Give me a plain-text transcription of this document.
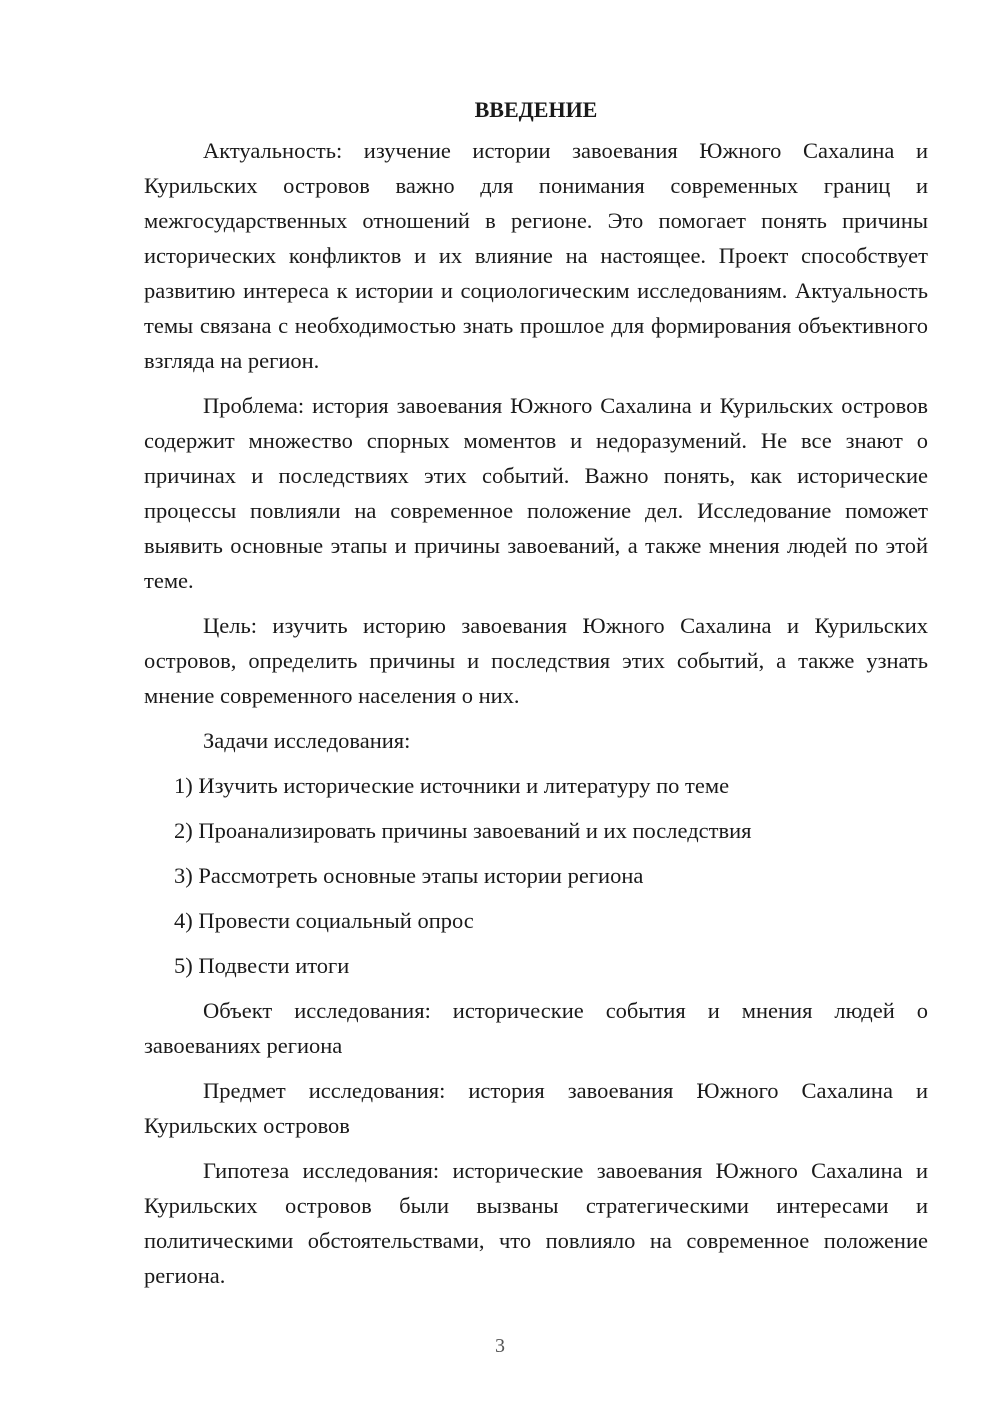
ВВЕДЕНИЕ

Актуальность: изучение истории завоевания Южного Сахалина и Курильских островов важно для понимания современных границ и межгосударственных отношений в регионе. Это помогает понять причины исторических конфликтов и их влияние на настоящее. Проект способствует развитию интереса к истории и социологическим исследованиям. Актуальность темы связана с необходимостью знать прошлое для формирования объективного взгляда на регион.

Проблема: история завоевания Южного Сахалина и Курильских островов содержит множество спорных моментов и недоразумений. Не все знают о причинах и последствиях этих событий. Важно понять, как исторические процессы повлияли на современное положение дел. Исследование поможет выявить основные этапы и причины завоеваний, а также мнения людей по этой теме.

Цель: изучить историю завоевания Южного Сахалина и Курильских островов, определить причины и последствия этих событий, а также узнать мнение современного населения о них.

Задачи исследования:

1) Изучить исторические источники и литературу по теме

2) Проанализировать причины завоеваний и их последствия

3) Рассмотреть основные этапы истории региона

4) Провести социальный опрос

5) Подвести итоги

Объект исследования: исторические события и мнения людей о завоеваниях региона

Предмет исследования: история завоевания Южного Сахалина и Курильских островов

Гипотеза исследования: исторические завоевания Южного Сахалина и Курильских островов были вызваны стратегическими интересами и политическими обстоятельствами, что повлияло на современное положение региона.

3
